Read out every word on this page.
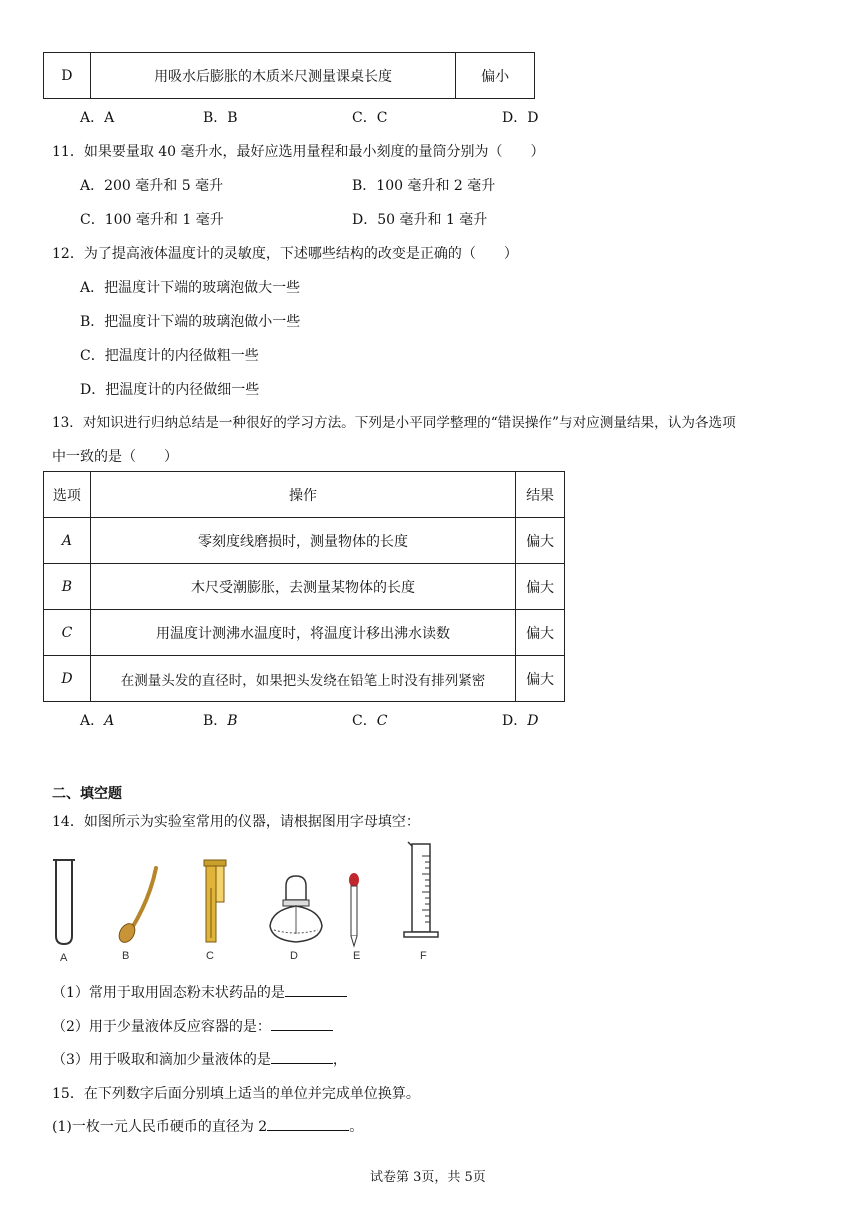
D	用吸水后膨胀的木质米尺测量课桌长度	偏小
A．A	B．B	C．C	D．D
11．如果要量取 40 毫升水，最好应选用量程和最小刻度的量筒分别为（　　）
A．200 毫升和 5 毫升	B．100 毫升和 2 毫升
C．100 毫升和 1 毫升	D．50 毫升和 1 毫升
12．为了提高液体温度计的灵敏度，下述哪些结构的改变是正确的（　　）
A．把温度计下端的玻璃泡做大一些
B．把温度计下端的玻璃泡做小一些
C．把温度计的内径做粗一些
D．把温度计的内径做细一些
13．对知识进行归纳总结是一种很好的学习方法。下列是小平同学整理的“错误操作”与对应测量结果，认为各选项
中一致的是（　　）
选项	操作	结果
A	零刻度线磨损时，测量物体的长度	偏大
B	木尺受潮膨胀，去测量某物体的长度	偏大
C	用温度计测沸水温度时，将温度计移出沸水读数	偏大
D	在测量头发的直径时，如果把头发绕在铅笔上时没有排列紧密	偏大
A．A	B．B	C．C	D．D
二、填空题
14．如图所示为实验室常用的仪器，请根据图用字母填空：
A	B	C	D	E	F
（1）常用于取用固态粉末状药品的是
（2）用于少量液体反应容器的是：
（3）用于吸取和滴加少量液体的是	，
15．在下列数字后面分别填上适当的单位并完成单位换算。
(1)一枚一元人民币硬币的直径为 2	。
试卷第 3页，共 5页
